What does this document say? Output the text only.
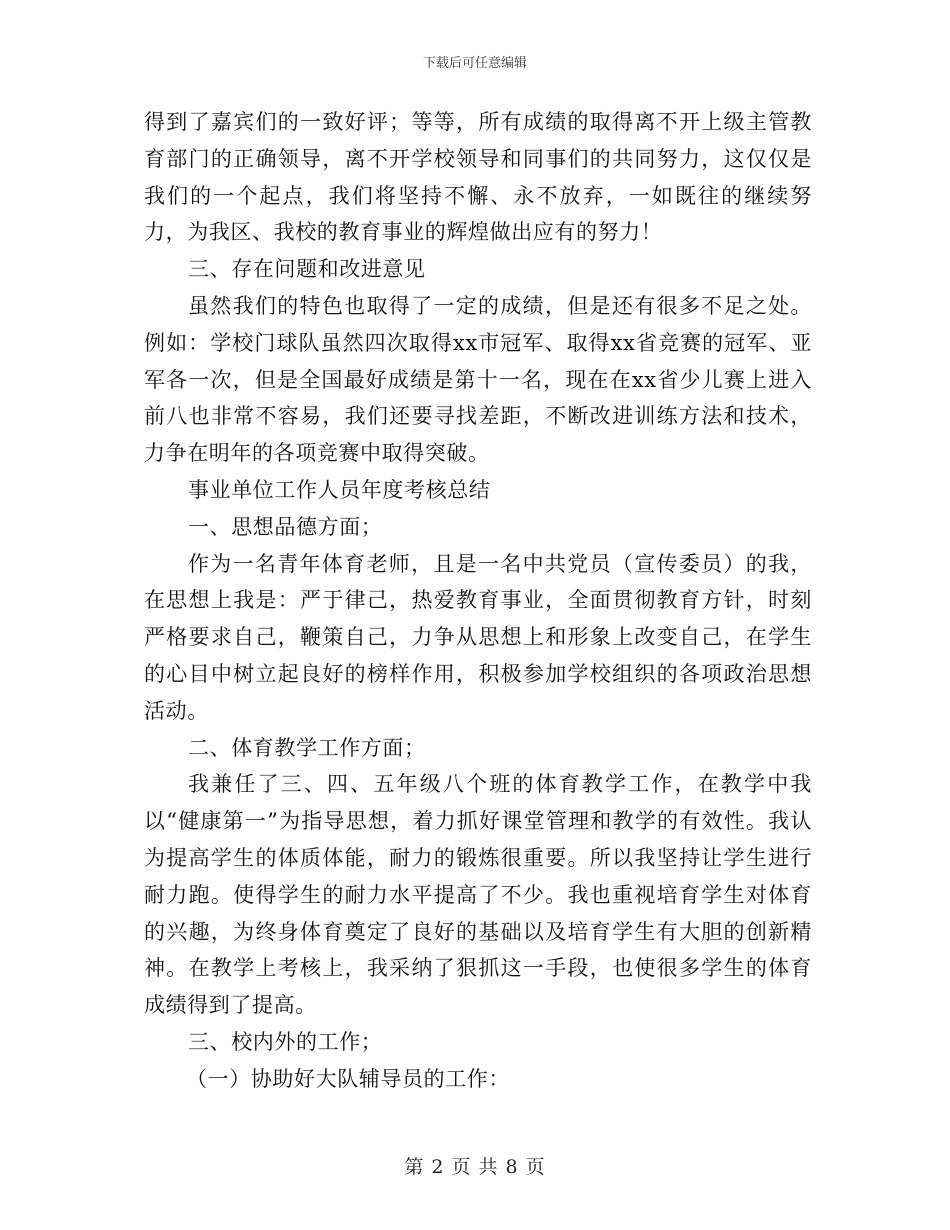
下载后可任意编辑

得到了嘉宾们的一致好评；等等，所有成绩的取得离不开上级主管教育部门的正确领导，离不开学校领导和同事们的共同努力，这仅仅是我们的一个起点，我们将坚持不懈、永不放弃，一如既往的继续努力，为我区、我校的教育事业的辉煌做出应有的努力！

三、存在问题和改进意见

虽然我们的特色也取得了一定的成绩，但是还有很多不足之处。例如：学校门球队虽然四次取得xx市冠军、取得xx省竞赛的冠军、亚军各一次，但是全国最好成绩是第十一名，现在在xx省少儿赛上进入前八也非常不容易，我们还要寻找差距，不断改进训练方法和技术，力争在明年的各项竞赛中取得突破。

事业单位工作人员年度考核总结

一、思想品德方面；

作为一名青年体育老师，且是一名中共党员（宣传委员）的我，在思想上我是：严于律己，热爱教育事业，全面贯彻教育方针，时刻严格要求自己，鞭策自己，力争从思想上和形象上改变自己，在学生的心目中树立起良好的榜样作用，积极参加学校组织的各项政治思想活动。

二、体育教学工作方面；

我兼任了三、四、五年级八个班的体育教学工作，在教学中我以“健康第一”为指导思想，着力抓好课堂管理和教学的有效性。我认为提高学生的体质体能，耐力的锻炼很重要。所以我坚持让学生进行耐力跑。使得学生的耐力水平提高了不少。我也重视培育学生对体育的兴趣，为终身体育奠定了良好的基础以及培育学生有大胆的创新精神。在教学上考核上，我采纳了狠抓这一手段，也使很多学生的体育成绩得到了提高。

三、校内外的工作；

（一）协助好大队辅导员的工作：

第 2 页 共 8 页
